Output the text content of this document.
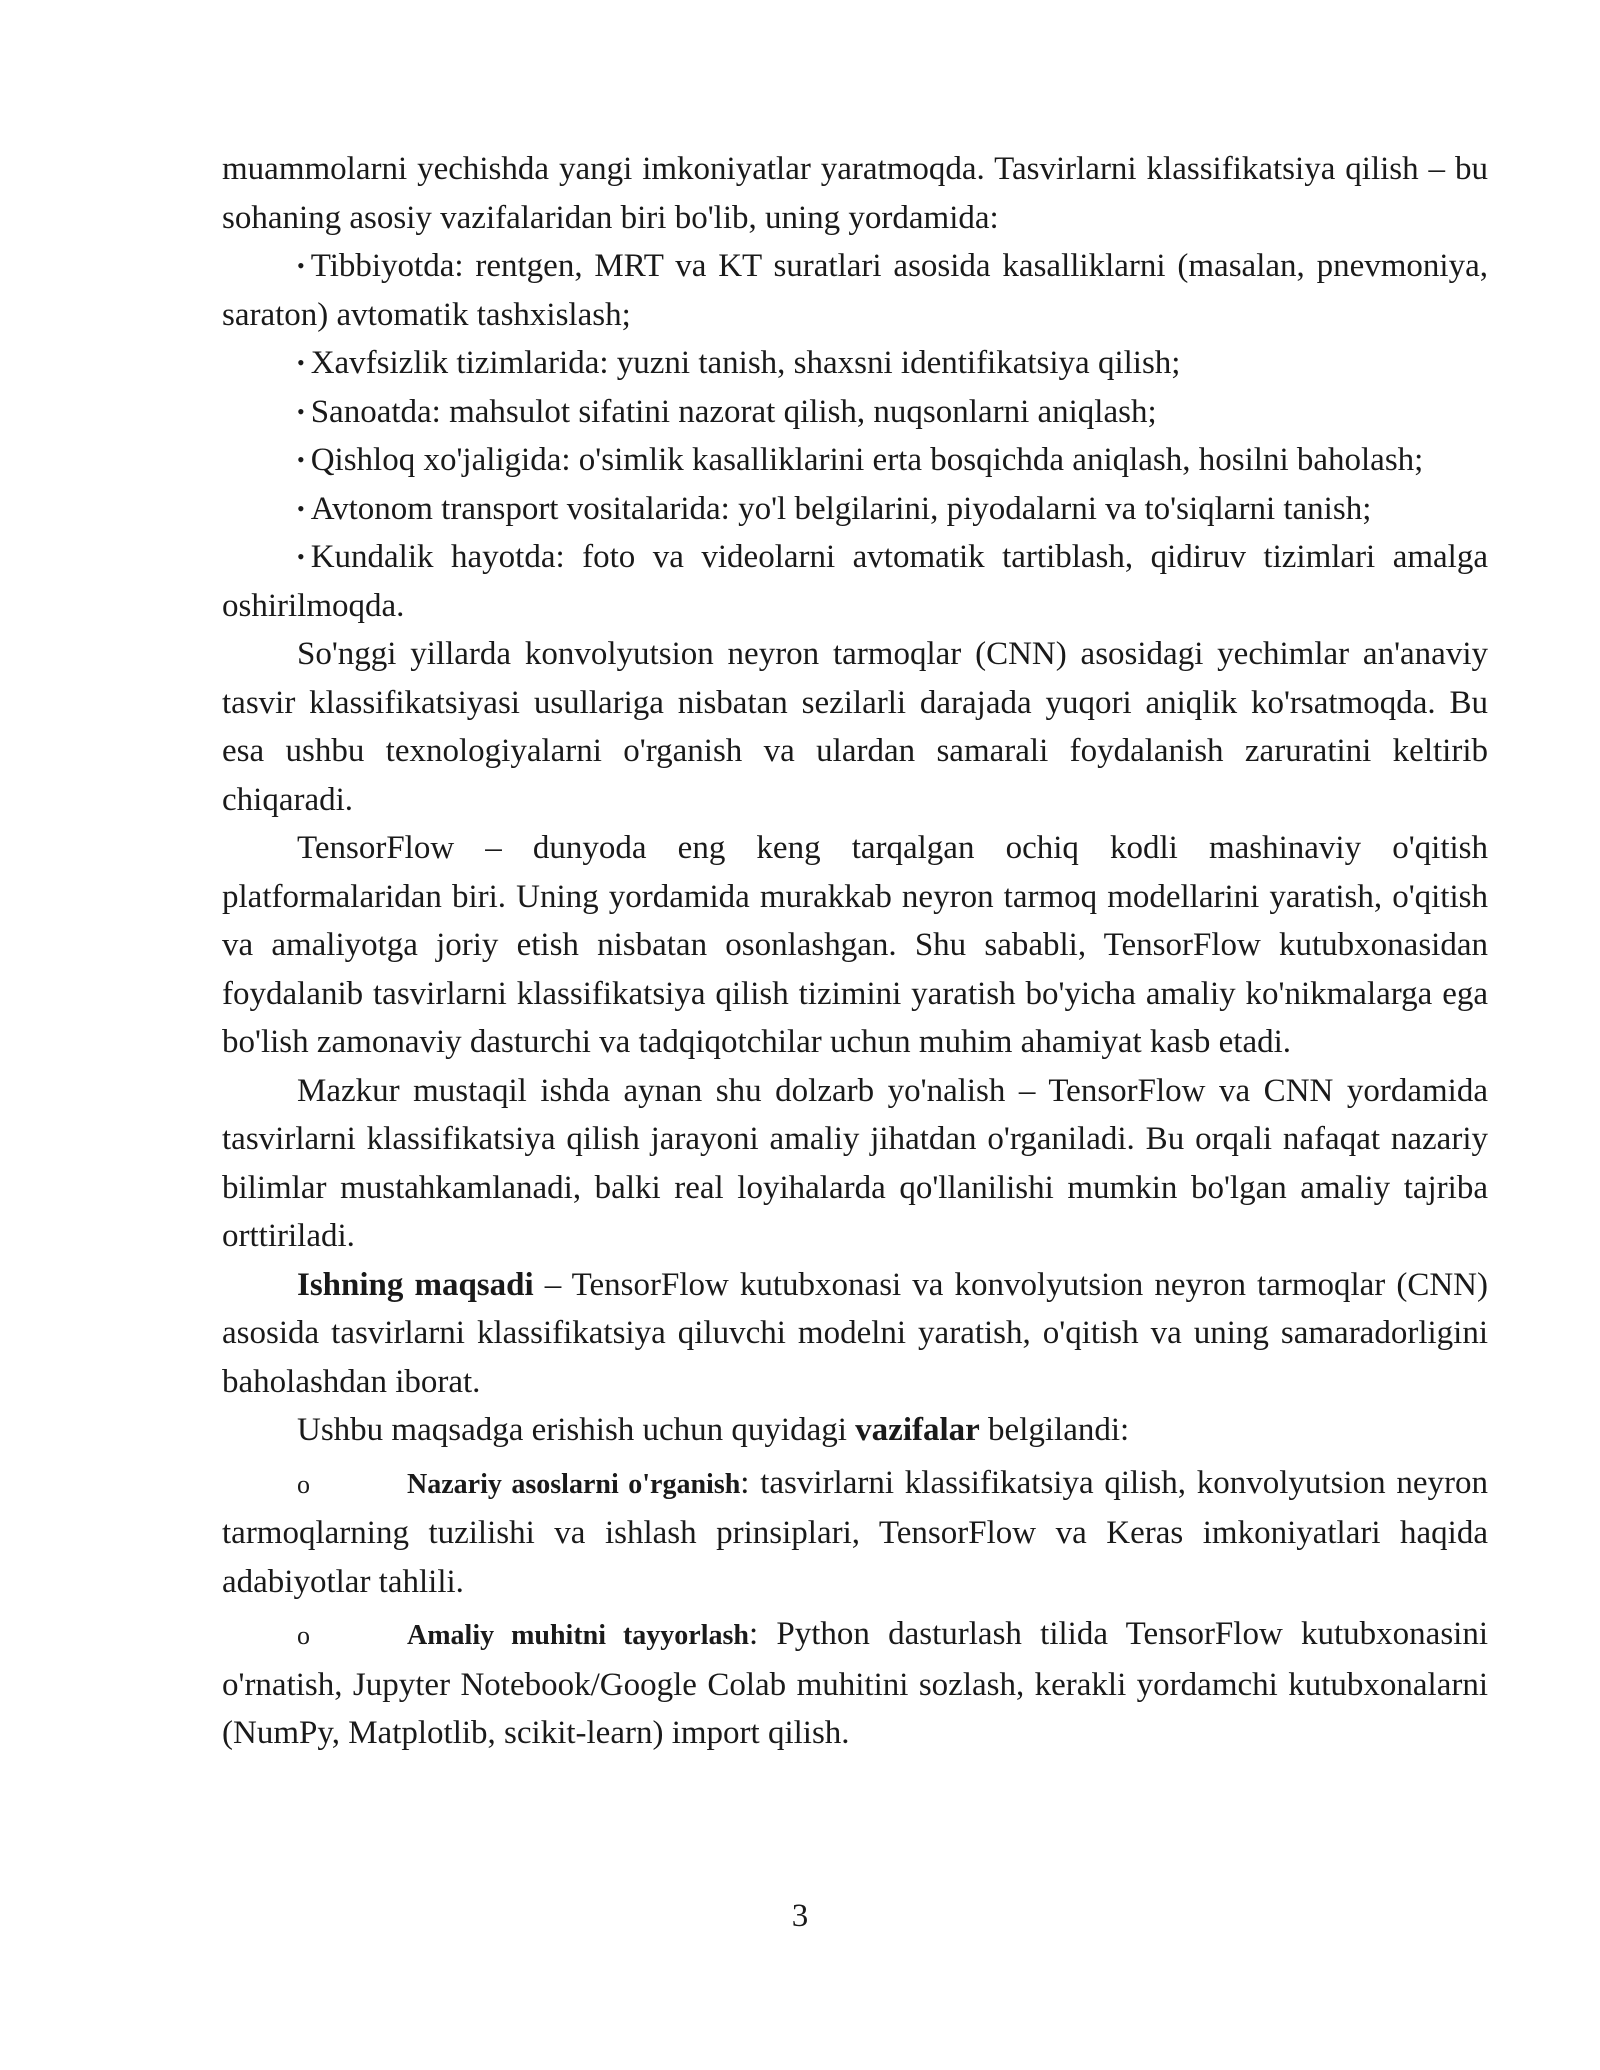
muammolarni yechishda yangi imkoniyatlar yaratmoqda. Tasvirlarni klassifikatsiya qilish – bu sohaning asosiy vazifalaridan biri bo'lib, uning yordamida:

• Tibbiyotda: rentgen, MRT va KT suratlari asosida kasalliklarni (masalan, pnevmoniya, saraton) avtomatik tashxislash;

• Xavfsizlik tizimlarida: yuzni tanish, shaxsni identifikatsiya qilish;

• Sanoatda: mahsulot sifatini nazorat qilish, nuqsonlarni aniqlash;

• Qishloq xo'jaligida: o'simlik kasalliklarini erta bosqichda aniqlash, hosilni baholash;

• Avtonom transport vositalarida: yo'l belgilarini, piyodalarni va to'siqlarni tanish;

• Kundalik hayotda: foto va videolarni avtomatik tartiblash, qidiruv tizimlari amalga oshirilmoqda.

So'nggi yillarda konvolyutsion neyron tarmoqlar (CNN) asosidagi yechimlar an'anaviy tasvir klassifikatsiyasi usullariga nisbatan sezilarli darajada yuqori aniqlik ko'rsatmoqda. Bu esa ushbu texnologiyalarni o'rganish va ulardan samarali foydalanish zaruratini keltirib chiqaradi.

TensorFlow – dunyoda eng keng tarqalgan ochiq kodli mashinaviy o'qitish platformalaridan biri. Uning yordamida murakkab neyron tarmoq modellarini yaratish, o'qitish va amaliyotga joriy etish nisbatan osonlashgan. Shu sababli, TensorFlow kutubxonasidan foydalanib tasvirlarni klassifikatsiya qilish tizimini yaratish bo'yicha amaliy ko'nikmalarga ega bo'lish zamonaviy dasturchi va tadqiqotchilar uchun muhim ahamiyat kasb etadi.

Mazkur mustaqil ishda aynan shu dolzarb yo'nalish – TensorFlow va CNN yordamida tasvirlarni klassifikatsiya qilish jarayoni amaliy jihatdan o'rganiladi. Bu orqali nafaqat nazariy bilimlar mustahkamlanadi, balki real loyihalarda qo'llanilishi mumkin bo'lgan amaliy tajriba orttiriladi.

Ishning maqsadi – TensorFlow kutubxonasi va konvolyutsion neyron tarmoqlar (CNN) asosida tasvirlarni klassifikatsiya qiluvchi modelni yaratish, o'qitish va uning samaradorligini baholashdan iborat.

Ushbu maqsadga erishish uchun quyidagi vazifalar belgilandi:

o	Nazariy asoslarni o'rganish: tasvirlarni klassifikatsiya qilish, konvolyutsion neyron tarmoqlarning tuzilishi va ishlash prinsiplari, TensorFlow va Keras imkoniyatlari haqida adabiyotlar tahlili.

o	Amaliy muhitni tayyorlash: Python dasturlash tilida TensorFlow kutubxonasini o'rnatish, Jupyter Notebook/Google Colab muhitini sozlash, kerakli yordamchi kutubxonalarni (NumPy, Matplotlib, scikit-learn) import qilish.

3
